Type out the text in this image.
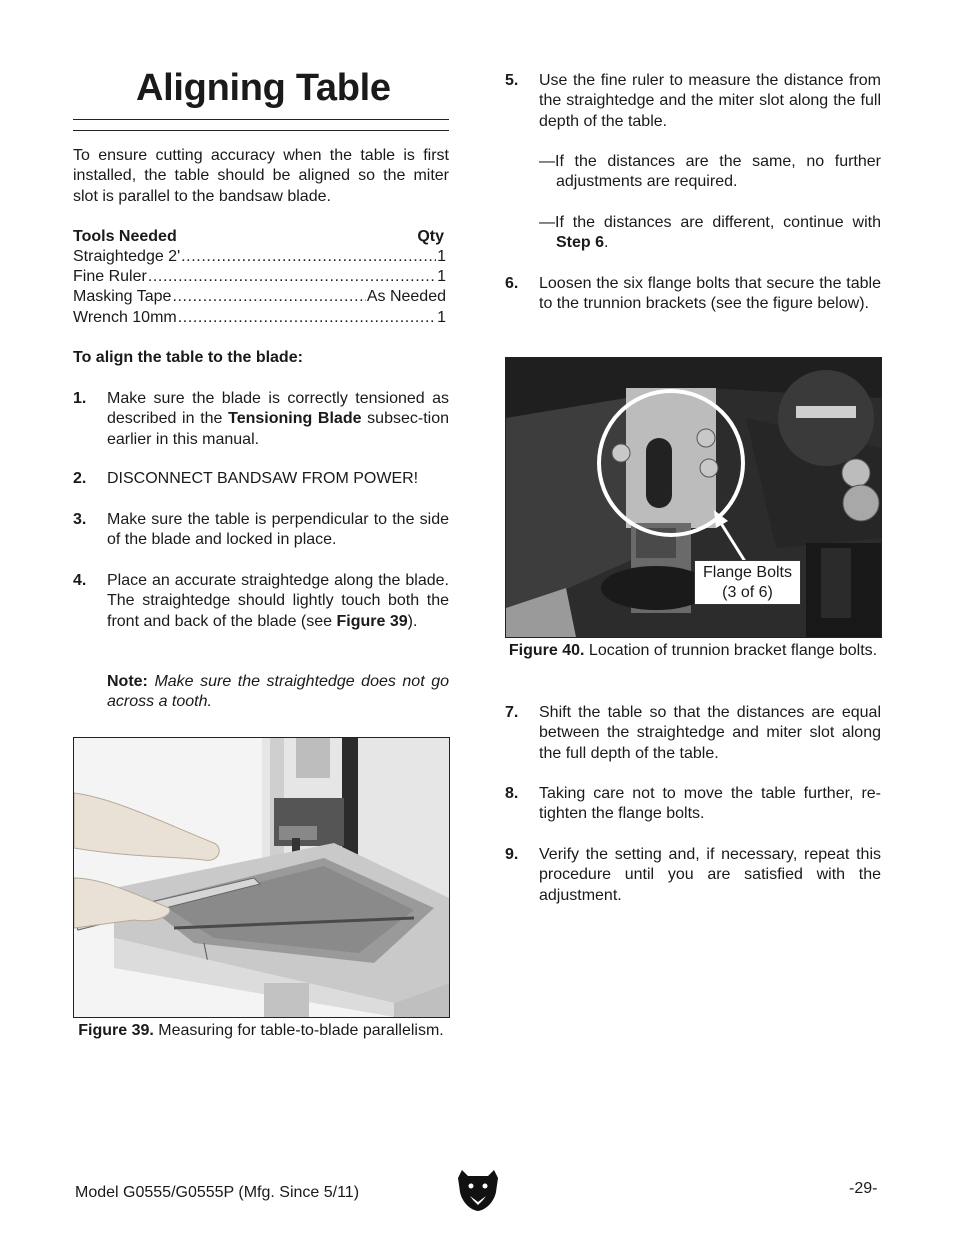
Aligning Table
To ensure cutting accuracy when the table is first installed, the table should be aligned so the miter slot is parallel to the bandsaw blade.
Tools Needed	Qty
Straightedge 2' .....	1
Fine Ruler .....	1
Masking Tape .....	As Needed
Wrench 10mm .....	1
To align the table to the blade:
1. Make sure the blade is correctly tensioned as described in the Tensioning Blade subsec-tion earlier in this manual.
2. DISCONNECT BANDSAW FROM POWER!
3. Make sure the table is perpendicular to the side of the blade and locked in place.
4. Place an accurate straightedge along the blade. The straightedge should lightly touch both the front and back of the blade (see Figure 39).
Note: Make sure the straightedge does not go across a tooth.
Figure 39. Measuring for table-to-blade parallelism.
5. Use the fine ruler to measure the distance from the straightedge and the miter slot along the full depth of the table.
—If the distances are the same, no further adjustments are required.
—If the distances are different, continue with Step 6.
6. Loosen the six flange bolts that secure the table to the trunnion brackets (see the figure below).
Flange Bolts
(3 of 6)
Figure 40. Location of trunnion bracket flange bolts.
7. Shift the table so that the distances are equal between the straightedge and miter slot along the full depth of the table.
8. Taking care not to move the table further, re-tighten the flange bolts.
9. Verify the setting and, if necessary, repeat this procedure until you are satisfied with the adjustment.
Model G0555/G0555P (Mfg. Since 5/11)	-29-
